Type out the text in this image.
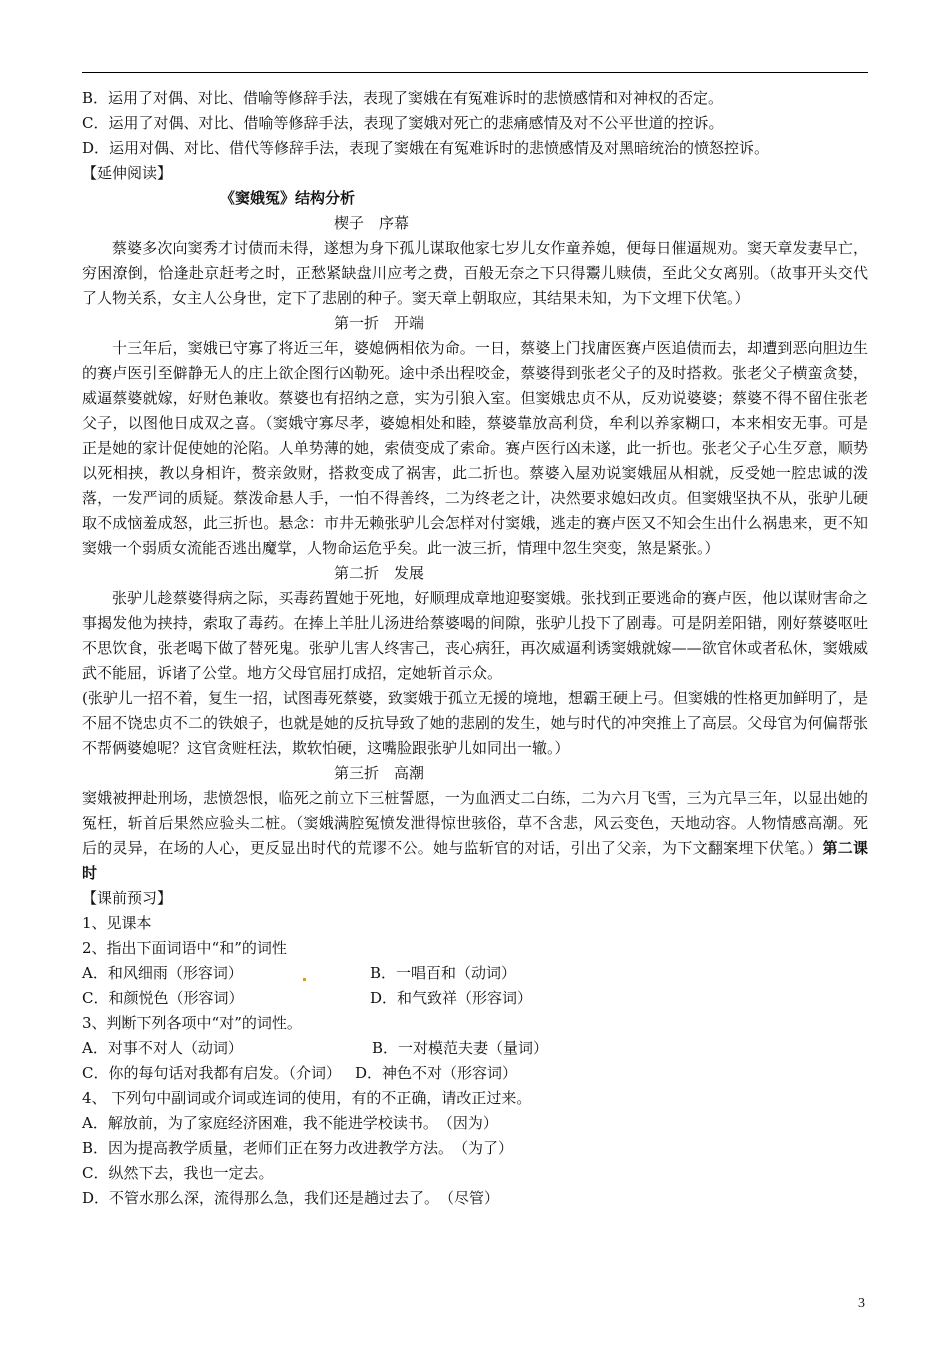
B．运用了对偶、对比、借喻等修辞手法，表现了窦娥在有冤难诉时的悲愤感情和对神权的否定。
C．运用了对偶、对比、借喻等修辞手法，表现了窦娥对死亡的悲痛感情及对不公平世道的控诉。
D．运用对偶、对比、借代等修辞手法，表现了窦娥在有冤难诉时的悲愤感情及对黑暗统治的愤怒控诉。
【延伸阅读】
《窦娥冤》结构分析
楔子　序幕
蔡婆多次向窦秀才讨债而未得，遂想为身下孤儿谋取他家七岁儿女作童养媳，便每日催逼规劝。窦天章发妻早亡，穷困潦倒，恰逢赴京赶考之时，正愁紧缺盘川应考之费，百般无奈之下只得鬻儿赎债，至此父女离别。（故事开头交代了人物关系，女主人公身世，定下了悲剧的种子。窦天章上朝取应，其结果未知，为下文埋下伏笔。）
第一折　开端
十三年后，窦娥已守寡了将近三年，婆媳俩相依为命。一日，蔡婆上门找庸医赛卢医追债而去，却遭到恶向胆边生的赛卢医引至僻静无人的庄上欲企图行凶勒死。途中杀出程咬金，蔡婆得到张老父子的及时搭救。张老父子横蛮贪婪，威逼蔡婆就嫁，好财色兼收。蔡婆也有招纳之意，实为引狼入室。但窦娥忠贞不从，反劝说婆婆；蔡婆不得不留住张老父子，以图他日成双之喜。（窦娥守寡尽孝，婆媳相处和睦，蔡婆靠放高利贷，牟利以养家糊口，本来相安无事。可是正是她的家计促使她的沦陷。人单势薄的她，索债变成了索命。赛卢医行凶未遂，此一折也。张老父子心生歹意，顺势以死相挟，教以身相许，赘亲敛财，搭救变成了祸害，此二折也。蔡婆入屋劝说窦娥屈从相就，反受她一腔忠诚的泼落，一发严词的质疑。蔡泼命悬人手，一怕不得善终，二为终老之计，决然要求媳妇改贞。但窦娥坚执不从，张驴儿硬取不成恼羞成怒，此三折也。悬念：市井无赖张驴儿会怎样对付窦娥，逃走的赛卢医又不知会生出什么祸患来，更不知窦娥一个弱质女流能否逃出魔掌，人物命运危乎矣。此一波三折，情理中忽生突变，煞是紧张。）
第二折　发展
张驴儿趁蔡婆得病之际，买毒药置她于死地，好顺理成章地迎娶窦娥。张找到正要逃命的赛卢医，他以谋财害命之事揭发他为挟持，索取了毒药。在捧上羊肚儿汤进给蔡婆喝的间隙，张驴儿投下了剧毒。可是阴差阳错，刚好蔡婆呕吐不思饮食，张老喝下做了替死鬼。张驴儿害人终害己，丧心病狂，再次威逼利诱窦娥就嫁——欲官休或者私休，窦娥威武不能屈，诉诸了公堂。地方父母官屈打成招，定她斩首示众。
(张驴儿一招不着，复生一招，试图毒死蔡婆，致窦娥于孤立无援的境地，想霸王硬上弓。但窦娥的性格更加鲜明了，是不屈不饶忠贞不二的铁娘子，也就是她的反抗导致了她的悲剧的发生，她与时代的冲突推上了高层。父母官为何偏帮张不帮俩婆媳呢？这官贪赃枉法，欺软怕硬，这嘴脸跟张驴儿如同出一辙。）
第三折　高潮
窦娥被押赴刑场，悲愤怨恨，临死之前立下三桩誓愿，一为血洒丈二白练，二为六月飞雪，三为亢旱三年，以显出她的冤枉，斩首后果然应验头二桩。（窦娥满腔冤愤发泄得惊世骇俗，草不含悲，风云变色，天地动容。人物情感高潮。死后的灵异，在场的人心，更反显出时代的荒谬不公。她与监斩官的对话，引出了父亲，为下文翻案埋下伏笔。）第二课时
【课前预习】
1、见课本
2、指出下面词语中“和”的词性
A．和风细雨（形容词）	B．一唱百和（动词）
C．和颜悦色（形容词）	D．和气致祥（形容词）
3、判断下列各项中“对”的词性。
A．对事不对人（动词）	B．一对模范夫妻（量词）
C．你的每句话对我都有启发。（介词） D．神色不对（形容词）
4、 下列句中副词或介词或连词的使用，有的不正确，请改正过来。
A．解放前，为了家庭经济困难，我不能进学校读书。　（因为）
B．因为提高教学质量，老师们正在努力改进教学方法。　（为了）
C．纵然下去，我也一定去。
D．不管水那么深，流得那么急，我们还是趟过去了。　（尽管）
3
